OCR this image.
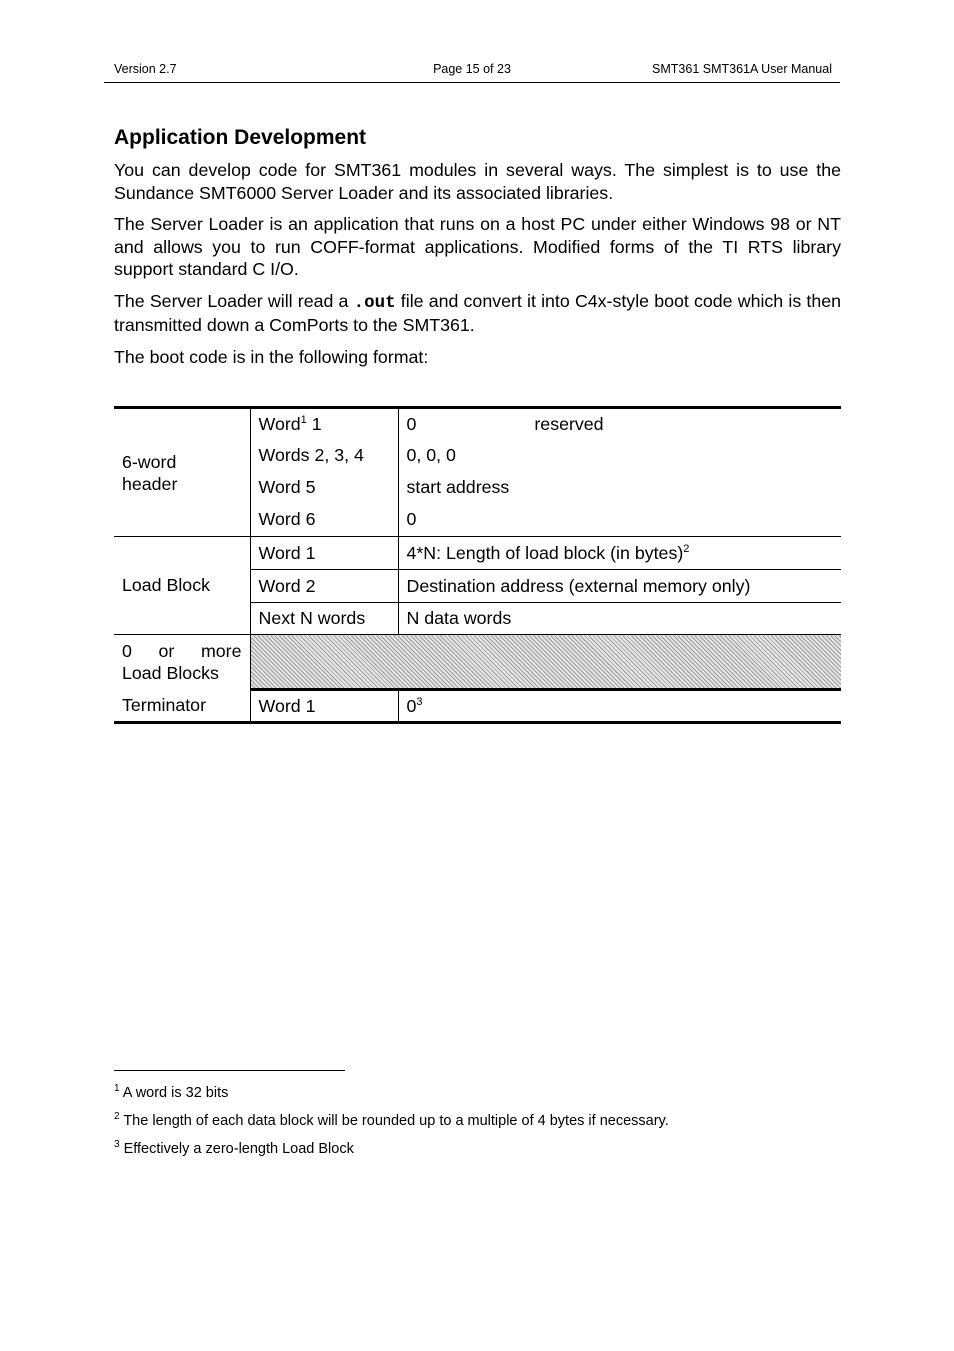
Version 2.7	Page 15 of 23	SMT361 SMT361A User Manual
Application Development

You can develop code for SMT361 modules in several ways. The simplest is to use the Sundance SMT6000 Server Loader and its associated libraries.

The Server Loader is an application that runs on a host PC under either Windows 98 or NT and allows you to run COFF-format applications. Modified forms of the TI RTS library support standard C I/O.

The Server Loader will read a .out file and convert it into C4x-style boot code which is then transmitted down a ComPorts to the SMT361.

The boot code is in the following format:

6-word header	Word$^1$ 1	0 reserved
	Words 2, 3, 4	0, 0, 0
	Word 5	start address
	Word 6	0
Load Block	Word 1	4*N: Length of load block (in bytes)$^2$
	Word 2	Destination address (external memory only)
	Next N words	N data words

0 or more
Load Blocks		

Terminator	Word 1	$0^3$
$^1$ A word is 32 bits
$^2$ The length of each data block will be rounded up to a multiple of 4 bytes if necessary.
$^3$ Effectively a zero-length Load Block
